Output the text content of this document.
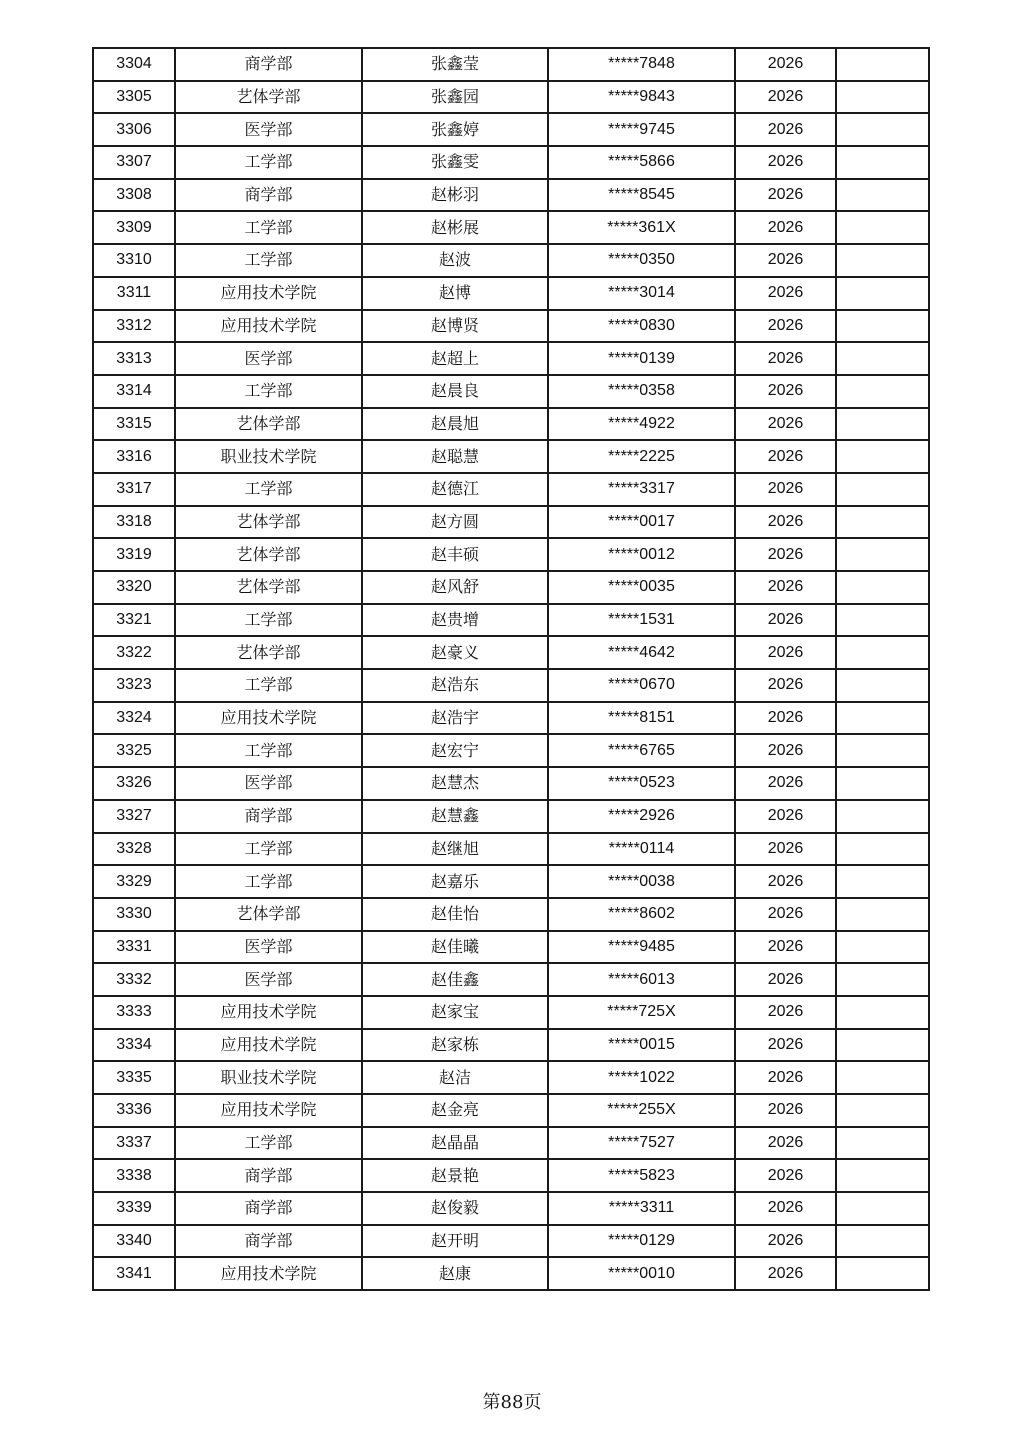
3304	商学部	张鑫莹	*****7848	2026	
3305	艺体学部	张鑫园	*****9843	2026	
3306	医学部	张鑫婷	*****9745	2026	
3307	工学部	张鑫雯	*****5866	2026	
3308	商学部	赵彬羽	*****8545	2026	
3309	工学部	赵彬展	*****361X	2026	
3310	工学部	赵波	*****0350	2026	
3311	应用技术学院	赵博	*****3014	2026	
3312	应用技术学院	赵博贤	*****0830	2026	
3313	医学部	赵超上	*****0139	2026	
3314	工学部	赵晨良	*****0358	2026	
3315	艺体学部	赵晨旭	*****4922	2026	
3316	职业技术学院	赵聪慧	*****2225	2026	
3317	工学部	赵德江	*****3317	2026	
3318	艺体学部	赵方圆	*****0017	2026	
3319	艺体学部	赵丰硕	*****0012	2026	
3320	艺体学部	赵风舒	*****0035	2026	
3321	工学部	赵贵增	*****1531	2026	
3322	艺体学部	赵豪义	*****4642	2026	
3323	工学部	赵浩东	*****0670	2026	
3324	应用技术学院	赵浩宇	*****8151	2026	
3325	工学部	赵宏宁	*****6765	2026	
3326	医学部	赵慧杰	*****0523	2026	
3327	商学部	赵慧鑫	*****2926	2026	
3328	工学部	赵继旭	*****0114	2026	
3329	工学部	赵嘉乐	*****0038	2026	
3330	艺体学部	赵佳怡	*****8602	2026	
3331	医学部	赵佳曦	*****9485	2026	
3332	医学部	赵佳鑫	*****6013	2026	
3333	应用技术学院	赵家宝	*****725X	2026	
3334	应用技术学院	赵家栋	*****0015	2026	
3335	职业技术学院	赵洁	*****1022	2026	
3336	应用技术学院	赵金亮	*****255X	2026	
3337	工学部	赵晶晶	*****7527	2026	
3338	商学部	赵景艳	*****5823	2026	
3339	商学部	赵俊毅	*****3311	2026	
3340	商学部	赵开明	*****0129	2026	
3341	应用技术学院	赵康	*****0010	2026	
第88页
